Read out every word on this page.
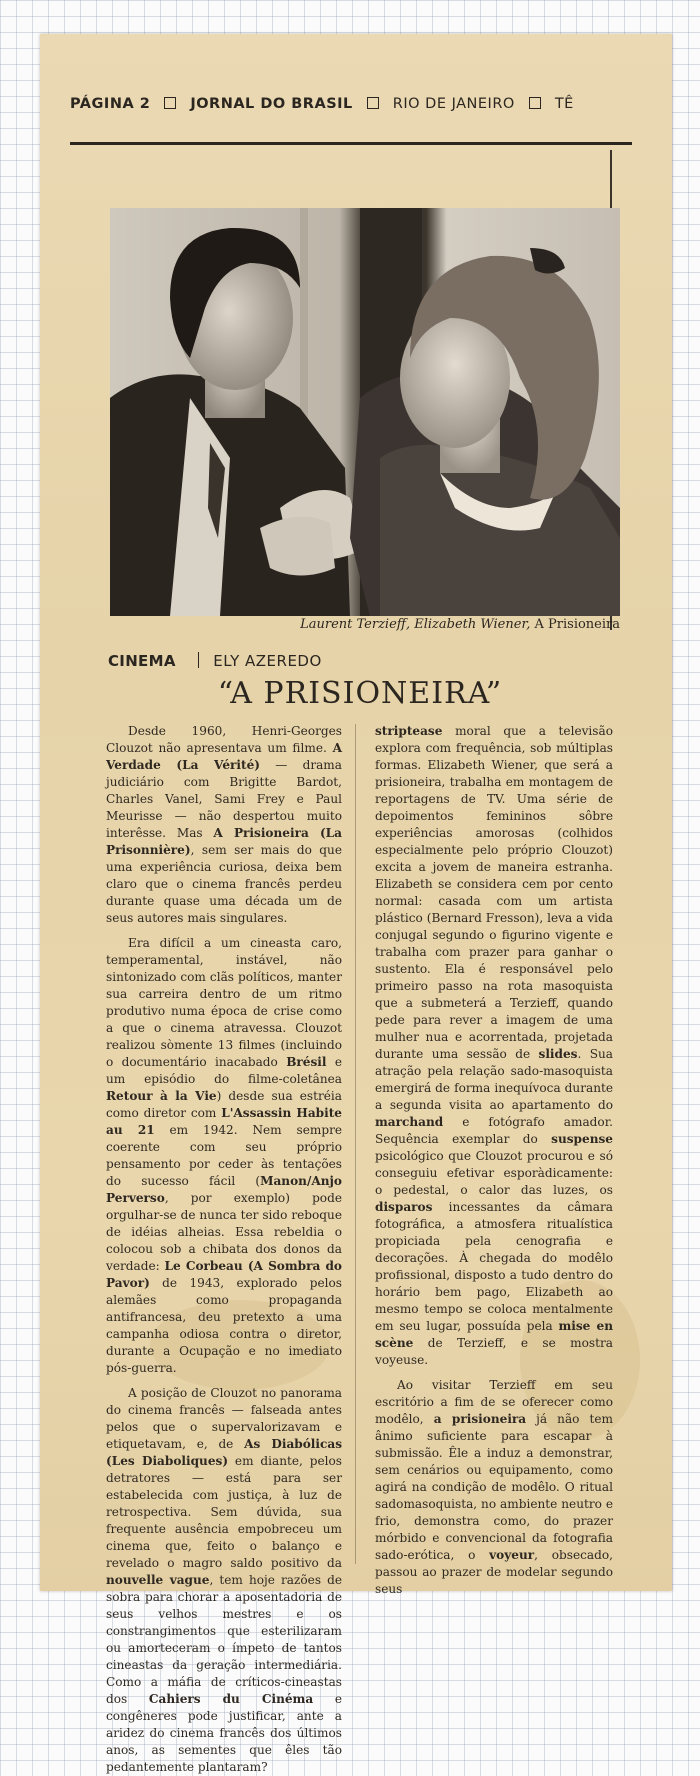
PÁGINA 2	JORNAL DO BRASIL	RIO DE JANEIRO	TÊ
Laurent Terzieff, Elizabeth Wiener, A Prisioneira
CINEMA	ELY AZEREDO
“A PRISIONEIRA”

Desde 1960, Henri-Georges Clouzot não apresentava um filme. A Verdade (La Vérité) — drama judiciário com Brigitte Bardot, Charles Vanel, Sami Frey e Paul Meurisse — não despertou muito interêsse. Mas A Prisioneira (La Prisonnière), sem ser mais do que uma experiência curiosa, deixa bem claro que o cinema francês perdeu durante quase uma década um de seus autores mais singulares.

Era difícil a um cineasta caro, temperamental, instável, não sintonizado com clãs políticos, manter sua carreira dentro de um ritmo produtivo numa época de crise como a que o cinema atravessa. Clouzot realizou sòmente 13 filmes (incluindo o documentário inacabado Brésil e um episódio do filme-coletânea Retour à la Vie) desde sua estréia como diretor com L'Assassin Habite au 21 em 1942. Nem sempre coerente com seu próprio pensamento por ceder às tentações do sucesso fácil (Manon/Anjo Perverso, por exemplo) pode orgulhar-se de nunca ter sido reboque de idéias alheias. Essa rebeldia o colocou sob a chibata dos donos da verdade: Le Corbeau (A Sombra do Pavor) de 1943, explorado pelos alemães como propaganda antifrancesa, deu pretexto a uma campanha odiosa contra o diretor, durante a Ocupação e no imediato pós-guerra.

A posição de Clouzot no panorama do cinema francês — falseada antes pelos que o supervalorizavam e etiquetavam, e, de As Diabólicas (Les Diaboliques) em diante, pelos detratores — está para ser estabelecida com justiça, à luz de retrospectiva. Sem dúvida, sua frequente ausência empobreceu um cinema que, feito o balanço e revelado o magro saldo positivo da nouvelle vague, tem hoje razões de sobra para chorar a aposentadoria de seus velhos mestres e os constrangimentos que esterilizaram ou amorteceram o ímpeto de tantos cineastas da geração intermediária. Como a máfia de críticos-cineastas dos Cahiers du Cinéma e congêneres pode justificar, ante a aridez do cinema francês dos últimos anos, as sementes que êles tão pedantemente plantaram?

striptease moral que a televisão explora com frequência, sob múltiplas formas. Elizabeth Wiener, que será a prisioneira, trabalha em montagem de reportagens de TV. Uma série de depoimentos femininos sôbre experiências amorosas (colhidos especialmente pelo próprio Clouzot) excita a jovem de maneira estranha. Elizabeth se considera cem por cento normal: casada com um artista plástico (Bernard Fresson), leva a vida conjugal segundo o figurino vigente e trabalha com prazer para ganhar o sustento. Ela é responsável pelo primeiro passo na rota masoquista que a submeterá a Terzieff, quando pede para rever a imagem de uma mulher nua e acorrentada, projetada durante uma sessão de slides. Sua atração pela relação sado-masoquista emergirá de forma inequívoca durante a segunda visita ao apartamento do marchand e fotógrafo amador. Sequência exemplar do suspense psicológico que Clouzot procurou e só conseguiu efetivar esporàdicamente: o pedestal, o calor das luzes, os disparos incessantes da câmara fotográfica, a atmosfera ritualística propiciada pela cenografia e decorações. À chegada do modêlo profissional, disposto a tudo dentro do horário bem pago, Elizabeth ao mesmo tempo se coloca mentalmente em seu lugar, possuída pela mise en scène de Terzieff, e se mostra voyeuse.

Ao visitar Terzieff em seu escritório a fim de se oferecer como modêlo, a prisioneira já não tem ânimo suficiente para escapar à submissão. Êle a induz a demonstrar, sem cenários ou equipamento, como agirá na condição de modêlo. O ritual sadomasoquista, no ambiente neutro e frio, demonstra como, do prazer mórbido e convencional da fotografia sado-erótica, o voyeur, obsecado, passou ao prazer de modelar segundo seus
